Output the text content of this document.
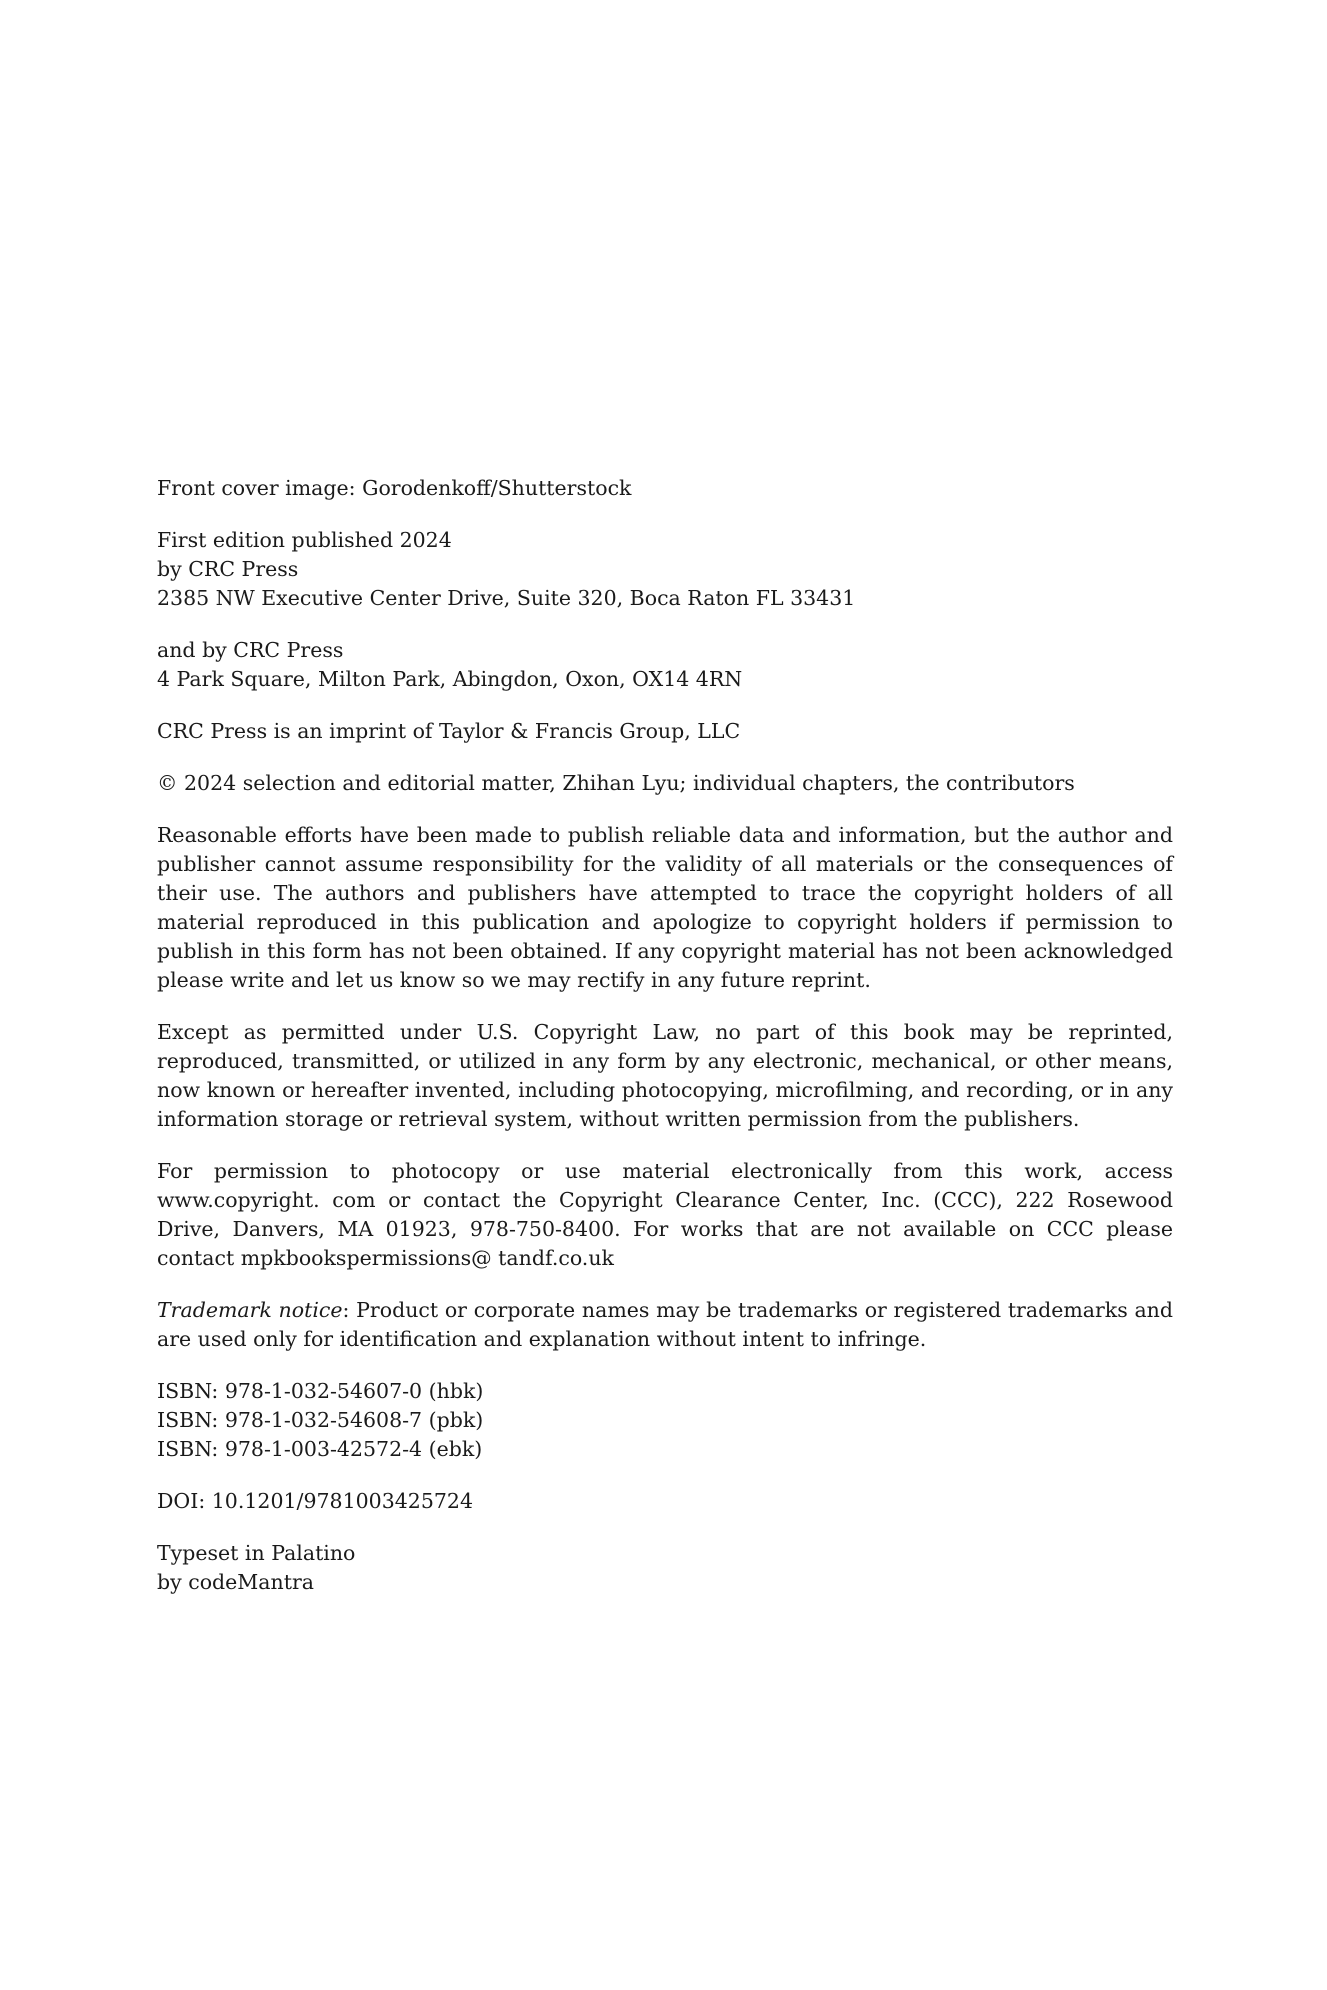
Front cover image: Gorodenkoff/Shutterstock
First edition published 2024
by CRC Press
2385 NW Executive Center Drive, Suite 320, Boca Raton FL 33431
and by CRC Press
4 Park Square, Milton Park, Abingdon, Oxon, OX14 4RN
CRC Press is an imprint of Taylor & Francis Group, LLC
© 2024 selection and editorial matter, Zhihan Lyu; individual chapters, the contributors
Reasonable efforts have been made to publish reliable data and information, but the author and publisher cannot assume responsibility for the validity of all materials or the consequences of their use. The authors and publishers have attempted to trace the copyright holders of all material reproduced in this publication and apologize to copyright holders if permission to publish in this form has not been obtained. If any copyright material has not been acknowledged please write and let us know so we may rectify in any future reprint.
Except as permitted under U.S. Copyright Law, no part of this book may be reprinted, reproduced, transmitted, or utilized in any form by any electronic, mechanical, or other means, now known or hereafter invented, including photocopying, microfilming, and recording, or in any information storage or retrieval system, without written permission from the publishers.
For permission to photocopy or use material electronically from this work, access www.copyright. com or contact the Copyright Clearance Center, Inc. (CCC), 222 Rosewood Drive, Danvers, MA 01923, 978-750-8400. For works that are not available on CCC please contact mpkbookspermissions@ tandf.co.uk
Trademark notice: Product or corporate names may be trademarks or registered trademarks and are used only for identification and explanation without intent to infringe.
ISBN: 978-1-032-54607-0 (hbk)
ISBN: 978-1-032-54608-7 (pbk)
ISBN: 978-1-003-42572-4 (ebk)
DOI: 10.1201/9781003425724
Typeset in Palatino
by codeMantra
